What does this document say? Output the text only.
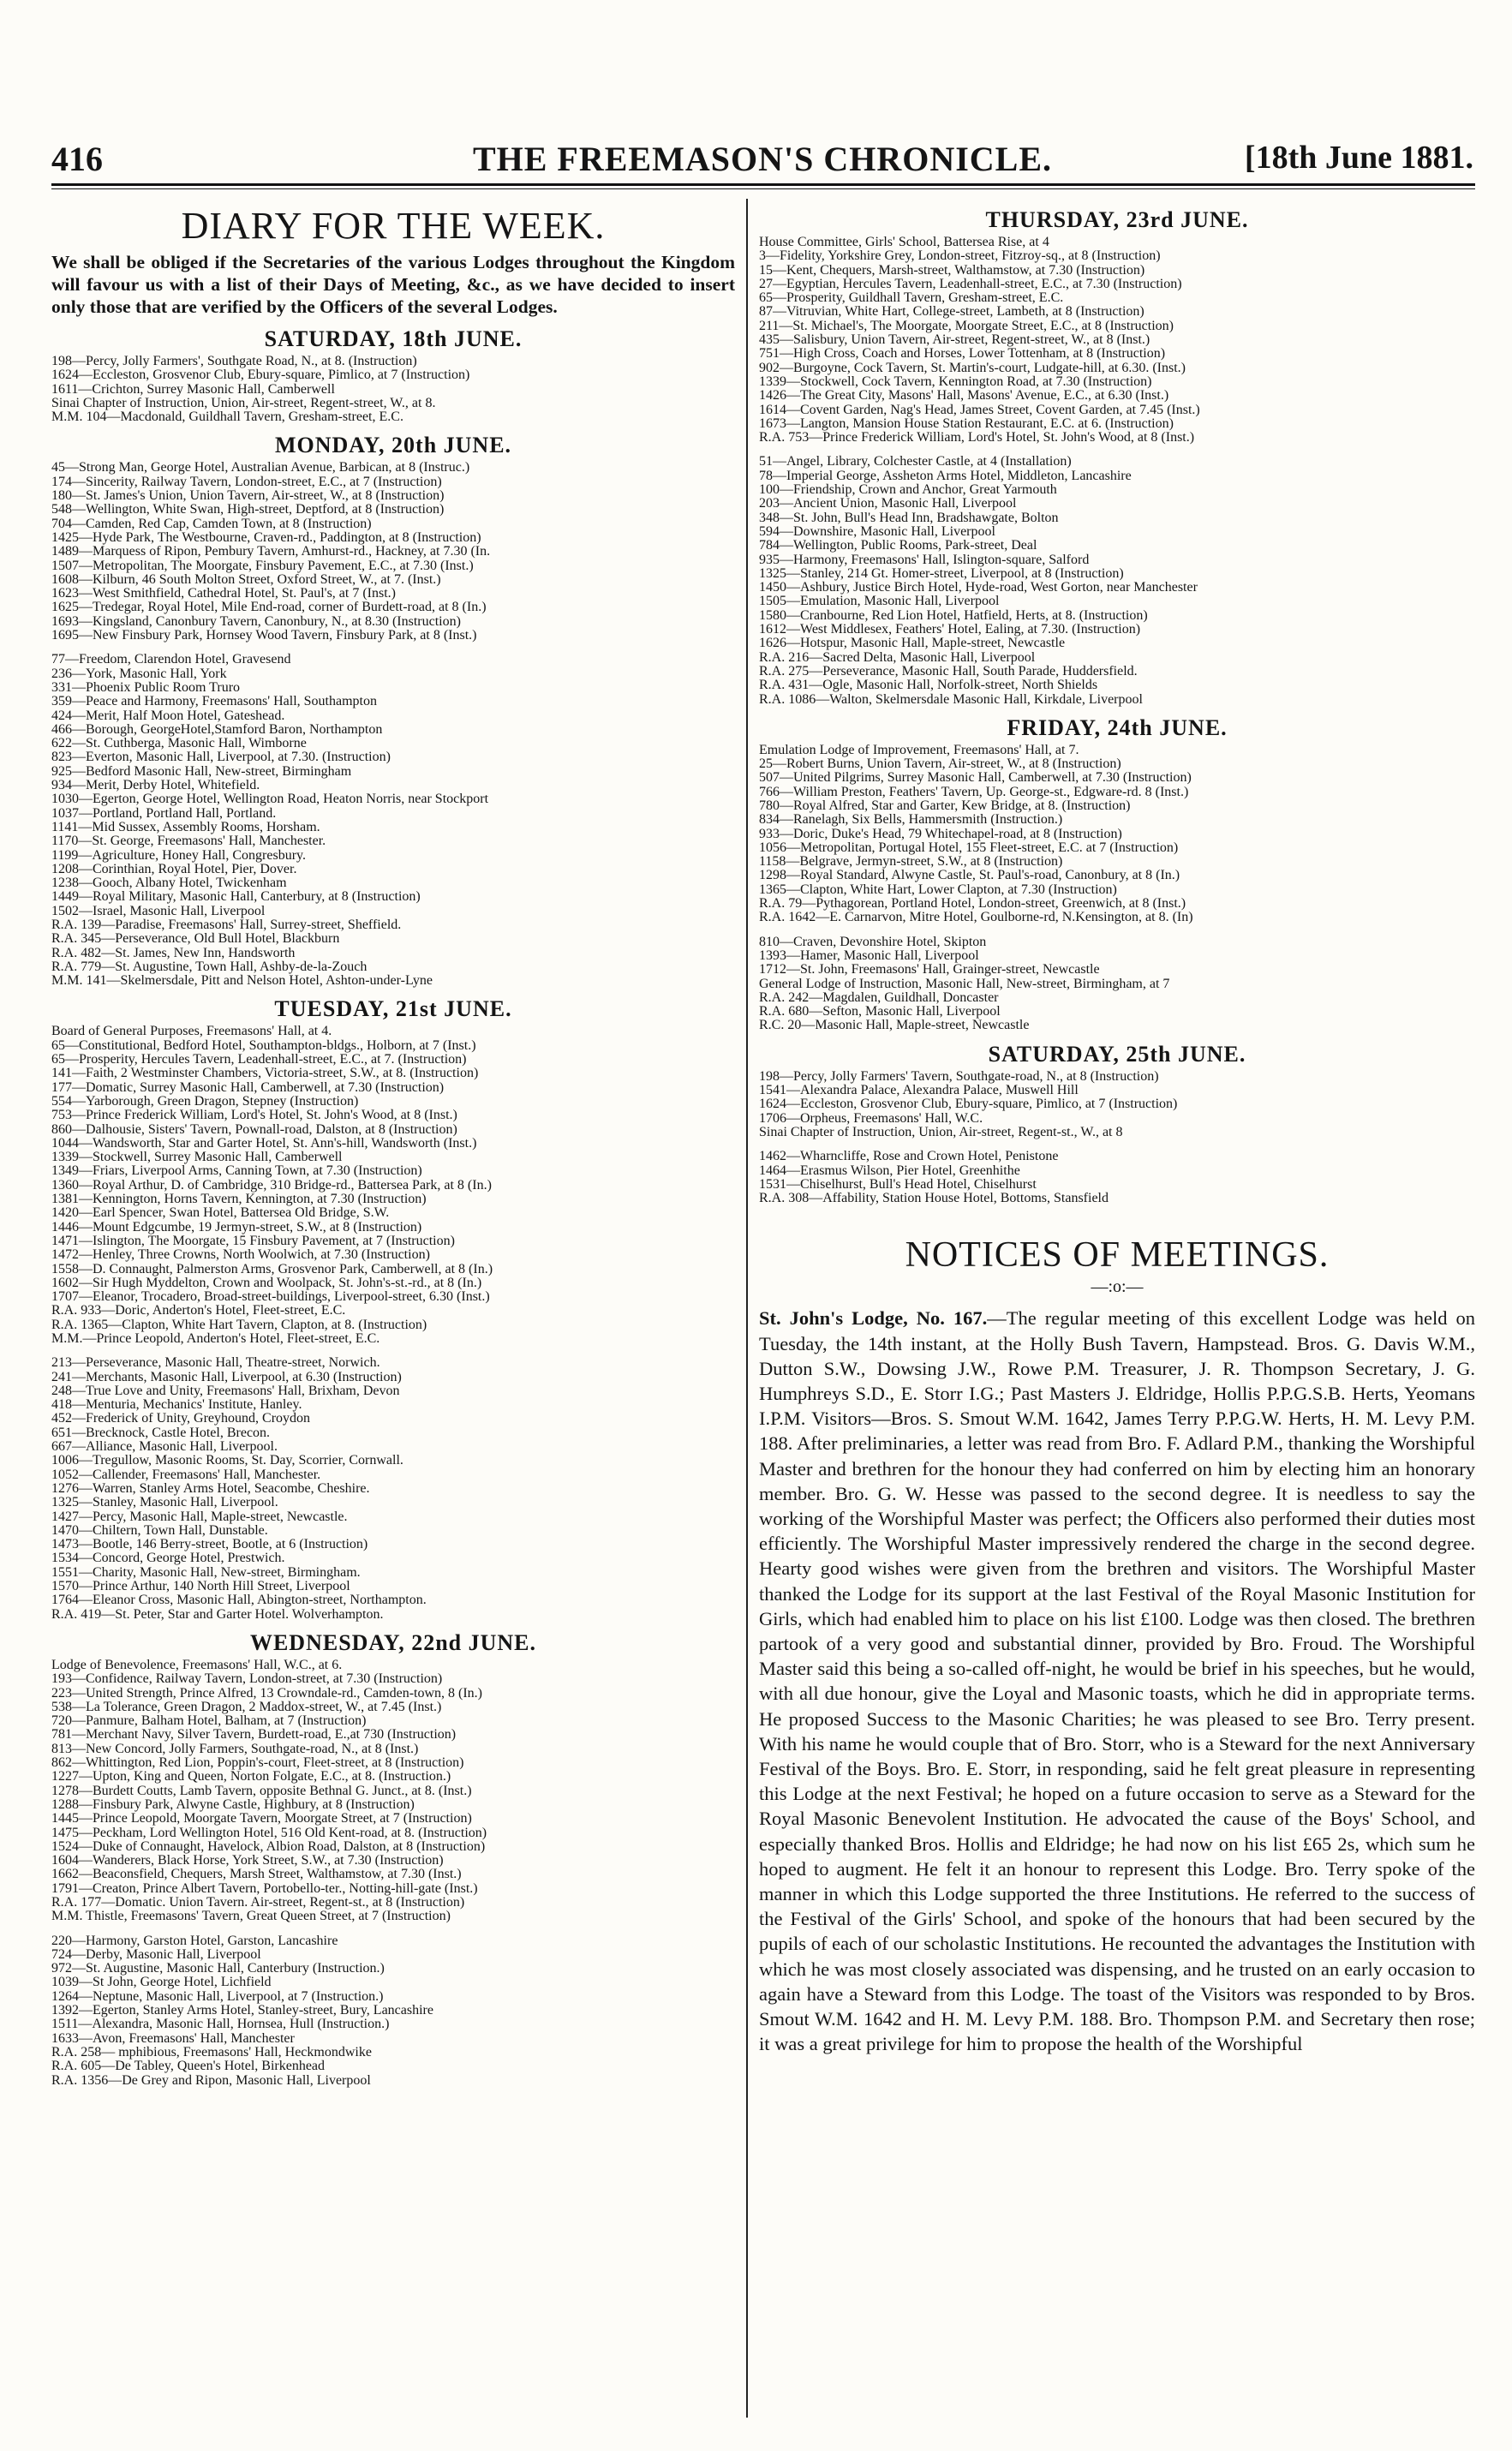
416	THE FREEMASON'S CHRONICLE.	[18th June 1881.
DIARY FOR THE WEEK.
We shall be obliged if the Secretaries of the various Lodges throughout the Kingdom will favour us with a list of their Days of Meeting, &c., as we have decided to insert only those that are verified by the Officers of the several Lodges.
SATURDAY, 18th JUNE.
198—Percy, Jolly Farmers', Southgate Road, N., at 8. (Instruction)
1624—Eccleston, Grosvenor Club, Ebury-square, Pimlico, at 7 (Instruction)
1611—Crichton, Surrey Masonic Hall, Camberwell
Sinai Chapter of Instruction, Union, Air-street, Regent-street, W., at 8.
M.M. 104—Macdonald, Guildhall Tavern, Gresham-street, E.C.
MONDAY, 20th JUNE.
45—Strong Man, George Hotel, Australian Avenue, Barbican, at 8 (Instruc.)
174—Sincerity, Railway Tavern, London-street, E.C., at 7 (Instruction)
180—St. James's Union, Union Tavern, Air-street, W., at 8 (Instruction)
548—Wellington, White Swan, High-street, Deptford, at 8 (Instruction)
704—Camden, Red Cap, Camden Town, at 8 (Instruction)
1425—Hyde Park, The Westbourne, Craven-rd., Paddington, at 8 (Instruction)
1489—Marquess of Ripon, Pembury Tavern, Amhurst-rd., Hackney, at 7.30 (In.
1507—Metropolitan, The Moorgate, Finsbury Pavement, E.C., at 7.30 (Inst.)
1608—Kilburn, 46 South Molton Street, Oxford Street, W., at 7. (Inst.)
1623—West Smithfield, Cathedral Hotel, St. Paul's, at 7 (Inst.)
1625—Tredegar, Royal Hotel, Mile End-road, corner of Burdett-road, at 8 (In.)
1693—Kingsland, Canonbury Tavern, Canonbury, N., at 8.30 (Instruction)
1695—New Finsbury Park, Hornsey Wood Tavern, Finsbury Park, at 8 (Inst.)
77—Freedom, Clarendon Hotel, Gravesend
236—York, Masonic Hall, York
331—Phoenix Public Room Truro
359—Peace and Harmony, Freemasons' Hall, Southampton
424—Merit, Half Moon Hotel, Gateshead.
466—Borough, GeorgeHotel,Stamford Baron, Northampton
622—St. Cuthberga, Masonic Hall, Wimborne
823—Everton, Masonic Hall, Liverpool, at 7.30. (Instruction)
925—Bedford Masonic Hall, New-street, Birmingham
934—Merit, Derby Hotel, Whitefield.
1030—Egerton, George Hotel, Wellington Road, Heaton Norris, near Stockport
1037—Portland, Portland Hall, Portland.
1141—Mid Sussex, Assembly Rooms, Horsham.
1170—St. George, Freemasons' Hall, Manchester.
1199—Agriculture, Honey Hall, Congresbury.
1208—Corinthian, Royal Hotel, Pier, Dover.
1238—Gooch, Albany Hotel, Twickenham
1449—Royal Military, Masonic Hall, Canterbury, at 8 (Instruction)
1502—Israel, Masonic Hall, Liverpool
R.A. 139—Paradise, Freemasons' Hall, Surrey-street, Sheffield.
R.A. 345—Perseverance, Old Bull Hotel, Blackburn
R.A. 482—St. James, New Inn, Handsworth
R.A. 779—St. Augustine, Town Hall, Ashby-de-la-Zouch
M.M. 141—Skelmersdale, Pitt and Nelson Hotel, Ashton-under-Lyne
TUESDAY, 21st JUNE.
Board of General Purposes, Freemasons' Hall, at 4.
65—Constitutional, Bedford Hotel, Southampton-bldgs., Holborn, at 7 (Inst.)
65—Prosperity, Hercules Tavern, Leadenhall-street, E.C., at 7. (Instruction)
141—Faith, 2 Westminster Chambers, Victoria-street, S.W., at 8. (Instruction)
177—Domatic, Surrey Masonic Hall, Camberwell, at 7.30 (Instruction)
554—Yarborough, Green Dragon, Stepney (Instruction)
753—Prince Frederick William, Lord's Hotel, St. John's Wood, at 8 (Inst.)
860—Dalhousie, Sisters' Tavern, Pownall-road, Dalston, at 8 (Instruction)
1044—Wandsworth, Star and Garter Hotel, St. Ann's-hill, Wandsworth (Inst.)
1339—Stockwell, Surrey Masonic Hall, Camberwell
1349—Friars, Liverpool Arms, Canning Town, at 7.30 (Instruction)
1360—Royal Arthur, D. of Cambridge, 310 Bridge-rd., Battersea Park, at 8 (In.)
1381—Kennington, Horns Tavern, Kennington, at 7.30 (Instruction)
1420—Earl Spencer, Swan Hotel, Battersea Old Bridge, S.W.
1446—Mount Edgcumbe, 19 Jermyn-street, S.W., at 8 (Instruction)
1471—Islington, The Moorgate, 15 Finsbury Pavement, at 7 (Instruction)
1472—Henley, Three Crowns, North Woolwich, at 7.30 (Instruction)
1558—D. Connaught, Palmerston Arms, Grosvenor Park, Camberwell, at 8 (In.)
1602—Sir Hugh Myddelton, Crown and Woolpack, St. John's-st.-rd., at 8 (In.)
1707—Eleanor, Trocadero, Broad-street-buildings, Liverpool-street, 6.30 (Inst.)
R.A. 933—Doric, Anderton's Hotel, Fleet-street, E.C.
R.A. 1365—Clapton, White Hart Tavern, Clapton, at 8. (Instruction)
M.M.—Prince Leopold, Anderton's Hotel, Fleet-street, E.C.
213—Perseverance, Masonic Hall, Theatre-street, Norwich.
241—Merchants, Masonic Hall, Liverpool, at 6.30 (Instruction)
248—True Love and Unity, Freemasons' Hall, Brixham, Devon
418—Menturia, Mechanics' Institute, Hanley.
452—Frederick of Unity, Greyhound, Croydon
651—Brecknock, Castle Hotel, Brecon.
667—Alliance, Masonic Hall, Liverpool.
1006—Tregullow, Masonic Rooms, St. Day, Scorrier, Cornwall.
1052—Callender, Freemasons' Hall, Manchester.
1276—Warren, Stanley Arms Hotel, Seacombe, Cheshire.
1325—Stanley, Masonic Hall, Liverpool.
1427—Percy, Masonic Hall, Maple-street, Newcastle.
1470—Chiltern, Town Hall, Dunstable.
1473—Bootle, 146 Berry-street, Bootle, at 6 (Instruction)
1534—Concord, George Hotel, Prestwich.
1551—Charity, Masonic Hall, New-street, Birmingham.
1570—Prince Arthur, 140 North Hill Street, Liverpool
1764—Eleanor Cross, Masonic Hall, Abington-street, Northampton.
R.A. 419—St. Peter, Star and Garter Hotel. Wolverhampton.
WEDNESDAY, 22nd JUNE.
Lodge of Benevolence, Freemasons' Hall, W.C., at 6.
193—Confidence, Railway Tavern, London-street, at 7.30 (Instruction)
223—United Strength, Prince Alfred, 13 Crowndale-rd., Camden-town, 8 (In.)
538—La Tolerance, Green Dragon, 2 Maddox-street, W., at 7.45 (Inst.)
720—Panmure, Balham Hotel, Balham, at 7 (Instruction)
781—Merchant Navy, Silver Tavern, Burdett-road, E.,at 730 (Instruction)
813—New Concord, Jolly Farmers, Southgate-road, N., at 8 (Inst.)
862—Whittington, Red Lion, Poppin's-court, Fleet-street, at 8 (Instruction)
1227—Upton, King and Queen, Norton Folgate, E.C., at 8. (Instruction.)
1278—Burdett Coutts, Lamb Tavern, opposite Bethnal G. Junct., at 8. (Inst.)
1288—Finsbury Park, Alwyne Castle, Highbury, at 8 (Instruction)
1445—Prince Leopold, Moorgate Tavern, Moorgate Street, at 7 (Instruction)
1475—Peckham, Lord Wellington Hotel, 516 Old Kent-road, at 8. (Instruction)
1524—Duke of Connaught, Havelock, Albion Road, Dalston, at 8 (Instruction)
1604—Wanderers, Black Horse, York Street, S.W., at 7.30 (Instruction)
1662—Beaconsfield, Chequers, Marsh Street, Walthamstow, at 7.30 (Inst.)
1791—Creaton, Prince Albert Tavern, Portobello-ter., Notting-hill-gate (Inst.)
R.A. 177—Domatic. Union Tavern. Air-street, Regent-st., at 8 (Instruction)
M.M. Thistle, Freemasons' Tavern, Great Queen Street, at 7 (Instruction)
220—Harmony, Garston Hotel, Garston, Lancashire
724—Derby, Masonic Hall, Liverpool
972—St. Augustine, Masonic Hall, Canterbury (Instruction.)
1039—St John, George Hotel, Lichfield
1264—Neptune, Masonic Hall, Liverpool, at 7 (Instruction.)
1392—Egerton, Stanley Arms Hotel, Stanley-street, Bury, Lancashire
1511—Alexandra, Masonic Hall, Hornsea, Hull (Instruction.)
1633—Avon, Freemasons' Hall, Manchester
R.A. 258— mphibious, Freemasons' Hall, Heckmondwike
R.A. 605—De Tabley, Queen's Hotel, Birkenhead
R.A. 1356—De Grey and Ripon, Masonic Hall, Liverpool
THURSDAY, 23rd JUNE.
House Committee, Girls' School, Battersea Rise, at 4
3—Fidelity, Yorkshire Grey, London-street, Fitzroy-sq., at 8 (Instruction)
15—Kent, Chequers, Marsh-street, Walthamstow, at 7.30 (Instruction)
27—Egyptian, Hercules Tavern, Leadenhall-street, E.C., at 7.30 (Instruction)
65—Prosperity, Guildhall Tavern, Gresham-street, E.C.
87—Vitruvian, White Hart, College-street, Lambeth, at 8 (Instruction)
211—St. Michael's, The Moorgate, Moorgate Street, E.C., at 8 (Instruction)
435—Salisbury, Union Tavern, Air-street, Regent-street, W., at 8 (Inst.)
751—High Cross, Coach and Horses, Lower Tottenham, at 8 (Instruction)
902—Burgoyne, Cock Tavern, St. Martin's-court, Ludgate-hill, at 6.30. (Inst.)
1339—Stockwell, Cock Tavern, Kennington Road, at 7.30 (Instruction)
1426—The Great City, Masons' Hall, Masons' Avenue, E.C., at 6.30 (Inst.)
1614—Covent Garden, Nag's Head, James Street, Covent Garden, at 7.45 (Inst.)
1673—Langton, Mansion House Station Restaurant, E.C. at 6. (Instruction)
R.A. 753—Prince Frederick William, Lord's Hotel, St. John's Wood, at 8 (Inst.)
51—Angel, Library, Colchester Castle, at 4 (Installation)
78—Imperial George, Assheton Arms Hotel, Middleton, Lancashire
100—Friendship, Crown and Anchor, Great Yarmouth
203—Ancient Union, Masonic Hall, Liverpool
348—St. John, Bull's Head Inn, Bradshawgate, Bolton
594—Downshire, Masonic Hall, Liverpool
784—Wellington, Public Rooms, Park-street, Deal
935—Harmony, Freemasons' Hall, Islington-square, Salford
1325—Stanley, 214 Gt. Homer-street, Liverpool, at 8 (Instruction)
1450—Ashbury, Justice Birch Hotel, Hyde-road, West Gorton, near Manchester
1505—Emulation, Masonic Hall, Liverpool
1580—Cranbourne, Red Lion Hotel, Hatfield, Herts, at 8. (Instruction)
1612—West Middlesex, Feathers' Hotel, Ealing, at 7.30. (Instruction)
1626—Hotspur, Masonic Hall, Maple-street, Newcastle
R.A. 216—Sacred Delta, Masonic Hall, Liverpool
R.A. 275—Perseverance, Masonic Hall, South Parade, Huddersfield.
R.A. 431—Ogle, Masonic Hall, Norfolk-street, North Shields
R.A. 1086—Walton, Skelmersdale Masonic Hall, Kirkdale, Liverpool
FRIDAY, 24th JUNE.
Emulation Lodge of Improvement, Freemasons' Hall, at 7.
25—Robert Burns, Union Tavern, Air-street, W., at 8 (Instruction)
507—United Pilgrims, Surrey Masonic Hall, Camberwell, at 7.30 (Instruction)
766—William Preston, Feathers' Tavern, Up. George-st., Edgware-rd. 8 (Inst.)
780—Royal Alfred, Star and Garter, Kew Bridge, at 8. (Instruction)
834—Ranelagh, Six Bells, Hammersmith (Instruction.)
933—Doric, Duke's Head, 79 Whitechapel-road, at 8 (Instruction)
1056—Metropolitan, Portugal Hotel, 155 Fleet-street, E.C. at 7 (Instruction)
1158—Belgrave, Jermyn-street, S.W., at 8 (Instruction)
1298—Royal Standard, Alwyne Castle, St. Paul's-road, Canonbury, at 8 (In.)
1365—Clapton, White Hart, Lower Clapton, at 7.30 (Instruction)
R.A. 79—Pythagorean, Portland Hotel, London-street, Greenwich, at 8 (Inst.)
R.A. 1642—E. Carnarvon, Mitre Hotel, Goulborne-rd, N.Kensington, at 8. (In)
810—Craven, Devonshire Hotel, Skipton
1393—Hamer, Masonic Hall, Liverpool
1712—St. John, Freemasons' Hall, Grainger-street, Newcastle
General Lodge of Instruction, Masonic Hall, New-street, Birmingham, at 7
R.A. 242—Magdalen, Guildhall, Doncaster
R.A. 680—Sefton, Masonic Hall, Liverpool
R.C. 20—Masonic Hall, Maple-street, Newcastle
SATURDAY, 25th JUNE.
198—Percy, Jolly Farmers' Tavern, Southgate-road, N., at 8 (Instruction)
1541—Alexandra Palace, Alexandra Palace, Muswell Hill
1624—Eccleston, Grosvenor Club, Ebury-square, Pimlico, at 7 (Instruction)
1706—Orpheus, Freemasons' Hall, W.C.
Sinai Chapter of Instruction, Union, Air-street, Regent-st., W., at 8
1462—Wharncliffe, Rose and Crown Hotel, Penistone
1464—Erasmus Wilson, Pier Hotel, Greenhithe
1531—Chiselhurst, Bull's Head Hotel, Chiselhurst
R.A. 308—Affability, Station House Hotel, Bottoms, Stansfield
NOTICES OF MEETINGS.
—:o:—
St. John's Lodge, No. 167.—The regular meeting of this excellent Lodge was held on Tuesday, the 14th instant, at the Holly Bush Tavern, Hampstead. Bros. G. Davis W.M., Dutton S.W., Dowsing J.W., Rowe P.M. Treasurer, J. R. Thompson Secretary, J. G. Humphreys S.D., E. Storr I.G.; Past Masters J. Eldridge, Hollis P.P.G.S.B. Herts, Yeomans I.P.M. Visitors—Bros. S. Smout W.M. 1642, James Terry P.P.G.W. Herts, H. M. Levy P.M. 188. After preliminaries, a letter was read from Bro. F. Adlard P.M., thanking the Worshipful Master and brethren for the honour they had conferred on him by electing him an honorary member. Bro. G. W. Hesse was passed to the second degree. It is needless to say the working of the Worshipful Master was perfect; the Officers also performed their duties most efficiently. The Worshipful Master impressively rendered the charge in the second degree. Hearty good wishes were given from the brethren and visitors. The Worshipful Master thanked the Lodge for its support at the last Festival of the Royal Masonic Institution for Girls, which had enabled him to place on his list £100. Lodge was then closed. The brethren partook of a very good and substantial dinner, provided by Bro. Froud. The Worshipful Master said this being a so-called off-night, he would be brief in his speeches, but he would, with all due honour, give the Loyal and Masonic toasts, which he did in appropriate terms. He proposed Success to the Masonic Charities; he was pleased to see Bro. Terry present. With his name he would couple that of Bro. Storr, who is a Steward for the next Anniversary Festival of the Boys. Bro. E. Storr, in responding, said he felt great pleasure in representing this Lodge at the next Festival; he hoped on a future occasion to serve as a Steward for the Royal Masonic Benevolent Institution. He advocated the cause of the Boys' School, and especially thanked Bros. Hollis and Eldridge; he had now on his list £65 2s, which sum he hoped to augment. He felt it an honour to represent this Lodge. Bro. Terry spoke of the manner in which this Lodge supported the three Institutions. He referred to the success of the Festival of the Girls' School, and spoke of the honours that had been secured by the pupils of each of our scholastic Institutions. He recounted the advantages the Institution with which he was most closely associated was dispensing, and he trusted on an early occasion to again have a Steward from this Lodge. The toast of the Visitors was responded to by Bros. Smout W.M. 1642 and H. M. Levy P.M. 188. Bro. Thompson P.M. and Secretary then rose; it was a great privilege for him to propose the health of the Worshipful
